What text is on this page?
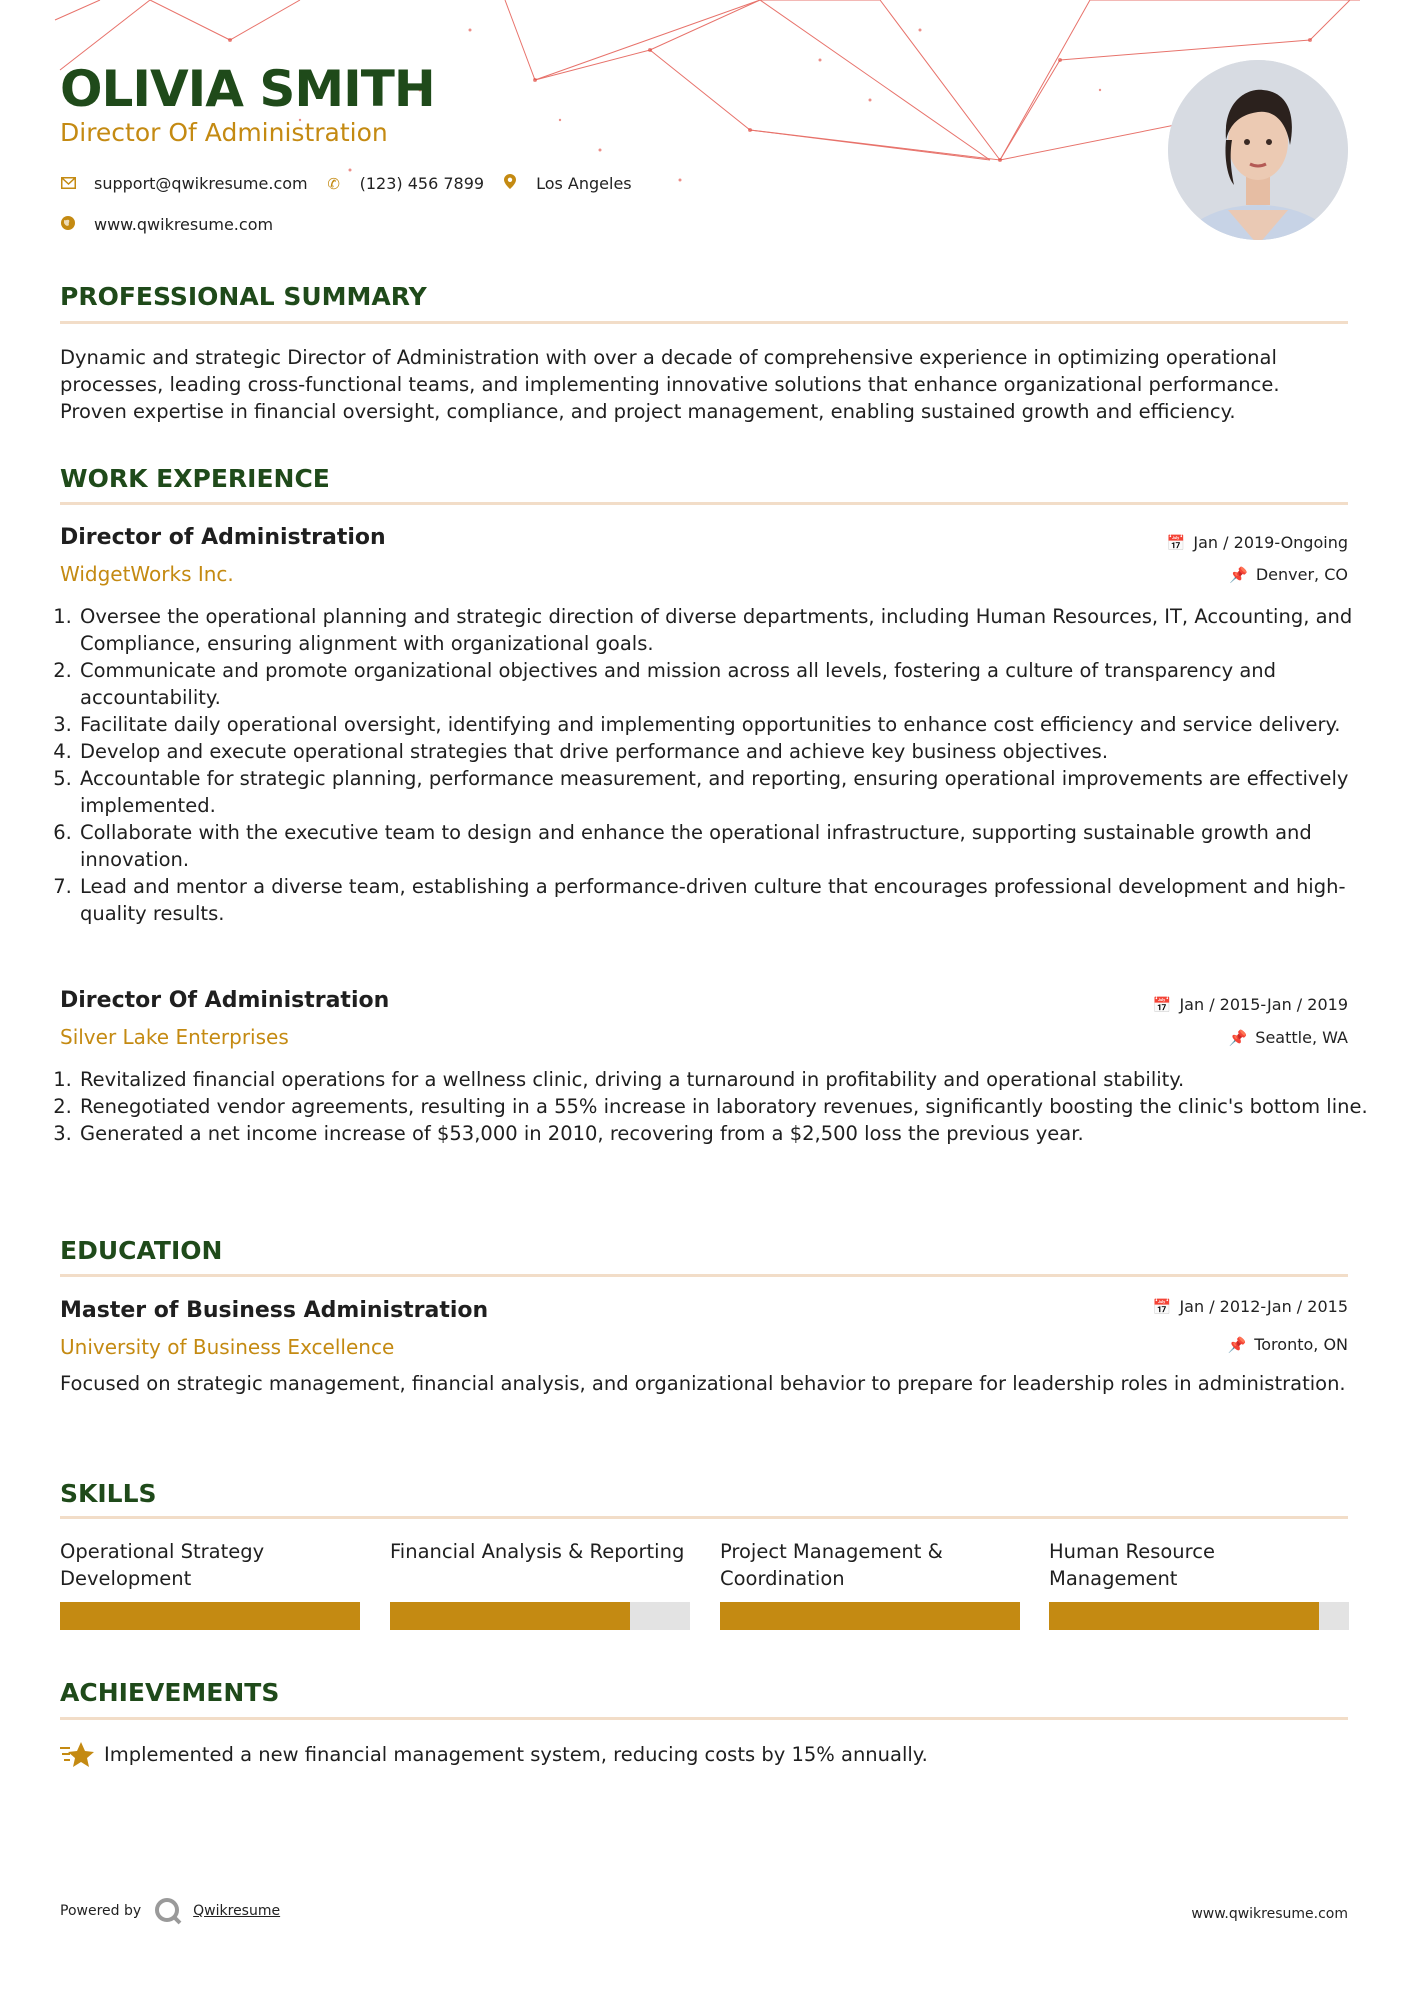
OLIVIA SMITH
Director Of Administration
support@qwikresume.com ✆ (123) 456 7899	Los Angeles
www.qwikresume.com
PROFESSIONAL SUMMARY

Dynamic and strategic Director of Administration with over a decade of comprehensive experience in optimizing operational processes, leading cross-functional teams, and implementing innovative solutions that enhance organizational performance. Proven expertise in financial oversight, compliance, and project management, enabling sustained growth and efficiency.

WORK EXPERIENCE
Director of Administration
WidgetWorks Inc.
📅 Jan / 2019-Ongoing
📌 Denver, CO
1. Oversee the operational planning and strategic direction of diverse departments, including Human Resources, IT, Accounting, and Compliance, ensuring alignment with organizational goals.
2. Communicate and promote organizational objectives and mission across all levels, fostering a culture of transparency and accountability.
3. Facilitate daily operational oversight, identifying and implementing opportunities to enhance cost efficiency and service delivery.
4. Develop and execute operational strategies that drive performance and achieve key business objectives.
5. Accountable for strategic planning, performance measurement, and reporting, ensuring operational improvements are effectively implemented.
6. Collaborate with the executive team to design and enhance the operational infrastructure, supporting sustainable growth and innovation.
7. Lead and mentor a diverse team, establishing a performance-driven culture that encourages professional development and high-quality results.
Director Of Administration
Silver Lake Enterprises
📅 Jan / 2015-Jan / 2019
📌 Seattle, WA
1. Revitalized financial operations for a wellness clinic, driving a turnaround in profitability and operational stability.
2. Renegotiated vendor agreements, resulting in a 55% increase in laboratory revenues, significantly boosting the clinic's bottom line.
3. Generated a net income increase of $53,000 in 2010, recovering from a $2,500 loss the previous year.
EDUCATION
Master of Business Administration
University of Business Excellence
📅 Jan / 2012-Jan / 2015
📌 Toronto, ON

Focused on strategic management, financial analysis, and organizational behavior to prepare for leadership roles in administration.

SKILLS
Operational Strategy Development
Financial Analysis & Reporting Project Management & Coordination
Human Resource Management
ACHIEVEMENTS
Implemented a new financial management system, reducing costs by 15% annually.
Powered by	Qwikresume	www.qwikresume.com
